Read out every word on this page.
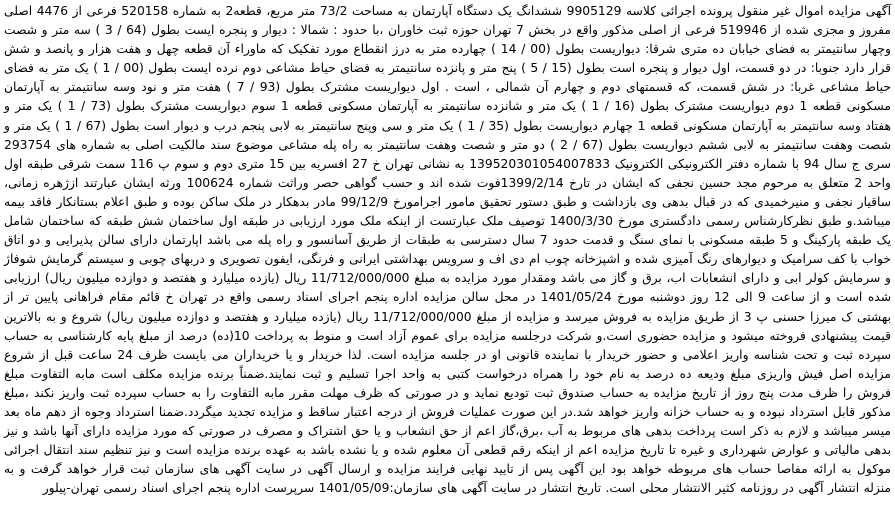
آگهی مزایده اموال غیر منقول پرونده اجرائی کلاسه 9905129 ششدانگ یک دستگاه آپارتمان به مساحت 73/2 متر مربع، قطعه2 به شماره 520158 فرعی از 4476 اصلی مفروز و مجزی شده از 519946 فرعی از اصلی مذکور واقع در بخش 7 تهران حوزه ثبت خاوران ،با حدود : شمالا : دیوار و پنجره ایست بطول (64 / 3 ) سه متر و شصت وچهار سانتیمتر به فضای خیابان ده متری شرقا: دیواریست بطول (00 / 14 ) چهارده متر به درز انقطاع مورد تفکیک که ماوراء آن قطعه چهل و هفت هزار و پانصد و شش قرار دارد جنوبا: در دو قسمت، اول دیوار و پنجره است بطول (15 / 5 ) پنج متر و پانزده سانتیمتر به فضای حیاط مشاعی دوم نرده ایست بطول (00 / 1 ) یک متر به فضای حیاط مشاعی غربا: در شش قسمت، که قسمتهای دوم و چهارم آن شمالی ، است . اول دیواریست مشترک بطول (93 / 7 ) هفت متر و نود وسه سانتیمتر به آپارتمان مسکونی قطعه 1 دوم دیواریست مشترک بطول (16 / 1 ) یک متر و شانزده سانتیمتر به آپارتمان مسکونی قطعه 1 سوم دیواریست مشترک بطول (73 / 1 ) یک متر و هفتاد وسه سانتیمتر به آپارتمان مسکونی قطعه 1 چهارم دیواریست بطول (35 / 1 ) یک متر و سی وپنج سانتیمتر به لابی پنجم درب و دیوار است بطول (67 / 1 ) یک متر و شصت وهفت سانتیمتر به لابی ششم دیواریست بطول (67 / 2 ) دو متر و شصت وهفت سانتیمتر به راه پله مشاعی موضوع سند مالکیت اصلی به شماره های 293754 سری ج سال 94 با شماره دفتر الکترونیکی الکترونیک 139520301054007833 به نشانی تهران خ 27 افسریه بین 15 متری دوم و سوم پ 116 سمت شرقی طبقه اول واحد 2 متعلق به مرحوم مجد حسین نجفی که ایشان در تارخ 1399/2/14فوت شده اند و حسب گواهی حصر وراثت شماره 100624 ورثه ایشان عبارتند ازژهره زمانی، ساقیار نجفی و منیرخمیدی که در قبال بدهی وی بازداشت و طبق دستور تحقیق مامور اجرامورخ 99/12/9 مادر بدهکار در ملک ساکن بوده و طبق اعلام بستانکار فاقد بیمه میباشد.و طبق نظرکارشناس رسمی دادگستری مورخ 1400/3/30 توصیف ملک عبارتست از اینکه ملک مورد ارزیابی در طبقه اول ساختمان شش طبقه که ساختمان شامل یک طبقه پارکینگ و 5 طبقه مسکونی با نمای سنگ و قدمت حدود 7 سال دسترسی به طبقات از طریق آسانسور و راه پله می باشد اپارتمان دارای سالن پذیرایی و دو اتاق خواب با کف سرامیک و دیوارهای رنگ آمیزی شده و اشپزخانه چوب ام دی اف و سرویس بهداشتی ایرانی و فرنگی، ایفون تصویری و دربهای چوبی و سیستم گرمایش شوفاژ و سرمایش کولر ابی و دارای انشعابات اب، برق و گاز می باشد ومقدار مورد مزایده به مبلغ 11/712/000/000 ریال (یازده میلیارد و هفتصد و دوازده میلیون ریال) ارزیابی شده است و از ساعت 9 الی 12 روز دوشنبه مورخ 1401/05/24 در محل سالن مزایده اداره پنجم اجرای اسناد رسمی واقع در تهران خ قائم مقام فراهانی پایین تر از بهشتی ک میرزا حسنی پ 3 از طریق مزایده به فروش میرسد و مزایده از مبلغ 11/712/000/000 ریال (یازده میلیارد و هفتصد و دوازده میلیون ریال) شروع و به بالاترین قیمت پیشنهادی فروخته میشود و مزایده حضوری است.و شرکت درجلسه مزایده برای عموم آزاد است و منوط به پرداخت 10(ده) درصد از مبلغ پایه کارشناسی به حساب سپرده ثبت و تحت شناسه واریز اعلامی و حضور خریدار با نماینده قانونی او در جلسه مزایده است. لذا خریدار و یا خریداران می بایست ظرف 24 ساعت قبل از شروع مزایده اصل فیش واریزی مبلغ ودیعه ده درصد به نام خود را همراه درخواست کتبی به واحد اجرا تسلیم و ثبت نمایند.ضمناً برنده مزایده مکلف است مابه التفاوت مبلغ فروش را ظرف مدت پنج روز از تاریخ مزایده به حساب صندوق ثبت تودیع نماید و در صورتی که ظرف مهلت مقرر مابه التفاوت را به حساب سپرده ثبت واریز نکند ،مبلغ مذکور قابل استرداد نبوده و به حساب خزانه واریز خواهد شد.در این صورت عملیات فروش از درجه اعتبار ساقط و مزایده تجدید میگردد.ضمنا استرداد وجوه از دهم ماه بعد میسر میباشد و لازم به ذکر است پرداخت بدهی های مربوط به آب ،برق،گاز اعم از حق انشعاب و یا حق اشتراک و مصرف در صورتی که مورد مزایده دارای آنها باشد و نیز بدهی مالیاتی و عوارض شهرداری و غیره تا تاریخ مزایده اعم از اینکه رقم قطعی آن معلوم شده و یا نشده باشد به عهده برنده مزایده است و نیز تنظیم سند انتقال اجرائی موکول به ارائه مفاصا حساب های مربوطه خواهد بود این آگهی پس از تایید نهایی فرایند مزایده و ارسال آگهی در سایت آگهی های سازمان ثبت قرار خواهد گرفت و به منزله انتشار آگهی در روزنامه کثیر الانتشار محلی است. تاریخ انتشار در سایت آگهی های سازمان:1401/05/09 سرپرست اداره پنجم اجرای اسناد رسمی تهران-پیلور
